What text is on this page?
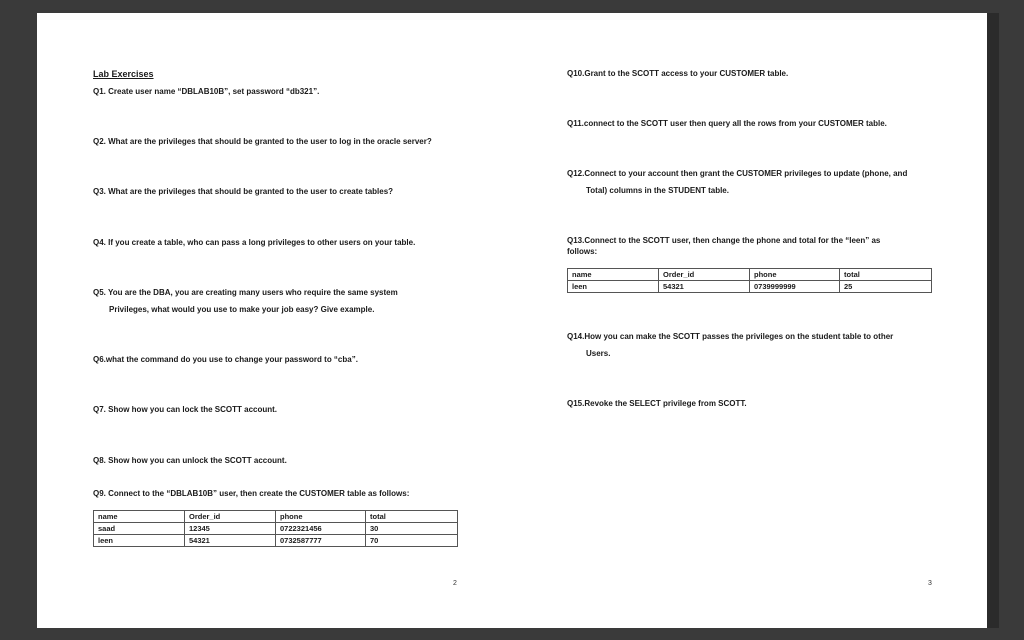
Lab Exercises
Q1. Create user name “DBLAB10B”, set password “db321”.
Q2. What are the privileges that should be granted to the user to log in the oracle server?
Q3. What are the privileges that should be granted to the user to create tables?
Q4. If you create a table, who can pass a long privileges to other users on your table.
Q5. You are the DBA, you are creating many users who require the same system
Privileges, what would you use to make your job easy? Give example.
Q6.what the command do you use to change your password to “cba”.
Q7. Show how you can lock the SCOTT account.
Q8. Show how you can unlock the SCOTT account.
Q9. Connect to the “DBLAB10B” user, then create the CUSTOMER table as follows:
name	Order_id	phone	total
saad	12345	0722321456	30
leen	54321	0732587777	70
2
Q10.Grant to the SCOTT access to your CUSTOMER table.
Q11.connect to the SCOTT user then query all the rows from your CUSTOMER table.
Q12.Connect to your account then grant the CUSTOMER privileges to update (phone, and
Total) columns in the STUDENT table.
Q13.Connect to the SCOTT user, then change the phone and total for the “leen” as
follows:
name	Order_id	phone	total
leen	54321	0739999999	25
Q14.How you can make the SCOTT passes the privileges on the student table to other
Users.
Q15.Revoke the SELECT privilege from SCOTT.
3
